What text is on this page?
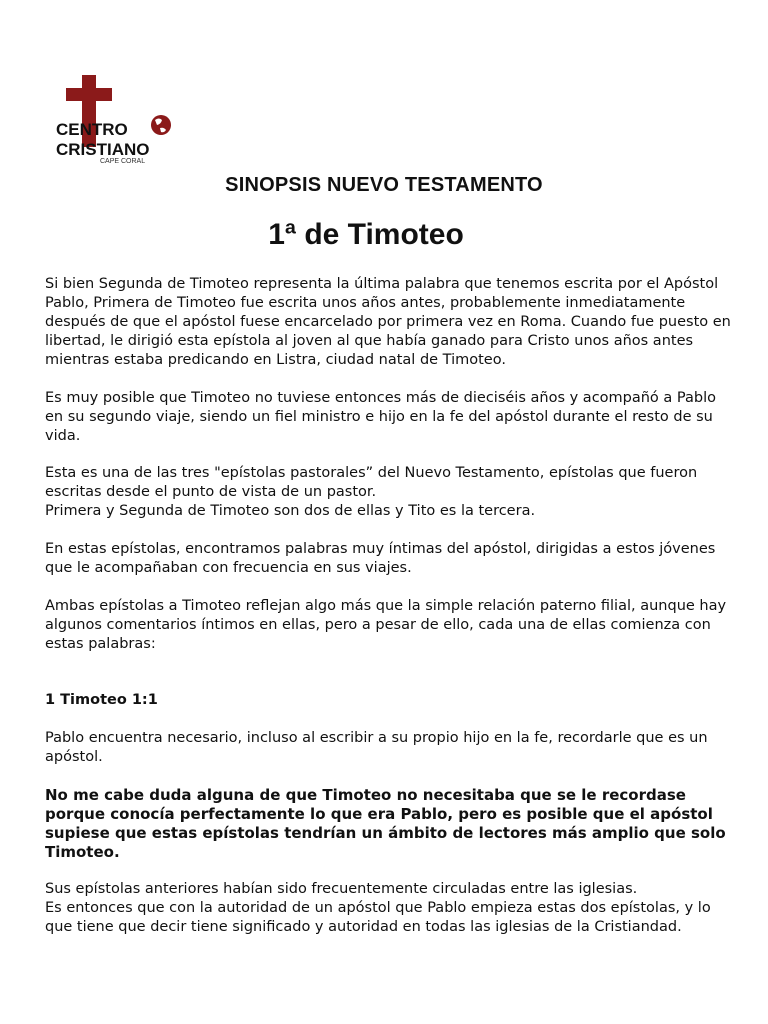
CENTRO
CRISTIANO
CAPE CORAL
SINOPSIS NUEVO TESTAMENTO
1ª de Timoteo

Si bien Segunda de Timoteo representa la última palabra que tenemos escrita por el Apóstol Pablo, Primera de Timoteo fue escrita unos años antes, probablemente inmediatamente después de que el apóstol fuese encarcelado por primera vez en Roma. Cuando fue puesto en libertad, le dirigió esta epístola al joven al que había ganado para Cristo unos años antes mientras estaba predicando en Listra, ciudad natal de Timoteo.

Es muy posible que Timoteo no tuviese entonces más de dieciséis años y acompañó a Pablo en su segundo viaje, siendo un fiel ministro e hijo en la fe del apóstol durante el resto de su vida.

Esta es una de las tres "epístolas pastorales” del Nuevo Testamento, epístolas que fueron escritas desde el punto de vista de un pastor.
Primera y Segunda de Timoteo son dos de ellas y Tito es la tercera.

En estas epístolas, encontramos palabras muy íntimas del apóstol, dirigidas a estos jóvenes que le acompañaban con frecuencia en sus viajes.

Ambas epístolas a Timoteo reflejan algo más que la simple relación paterno filial, aunque hay algunos comentarios íntimos en ellas, pero a pesar de ello, cada una de ellas comienza con estas palabras:

1 Timoteo 1:1

Pablo encuentra necesario, incluso al escribir a su propio hijo en la fe, recordarle que es un apóstol.

No me cabe duda alguna de que Timoteo no necesitaba que se le recordase porque conocía perfectamente lo que era Pablo, pero es posible que el apóstol supiese que estas epístolas tendrían un ámbito de lectores más amplio que solo Timoteo.

Sus epístolas anteriores habían sido frecuentemente circuladas entre las iglesias.
Es entonces que con la autoridad de un apóstol que Pablo empieza estas dos epístolas, y lo que tiene que decir tiene significado y autoridad en todas las iglesias de la Cristiandad.
